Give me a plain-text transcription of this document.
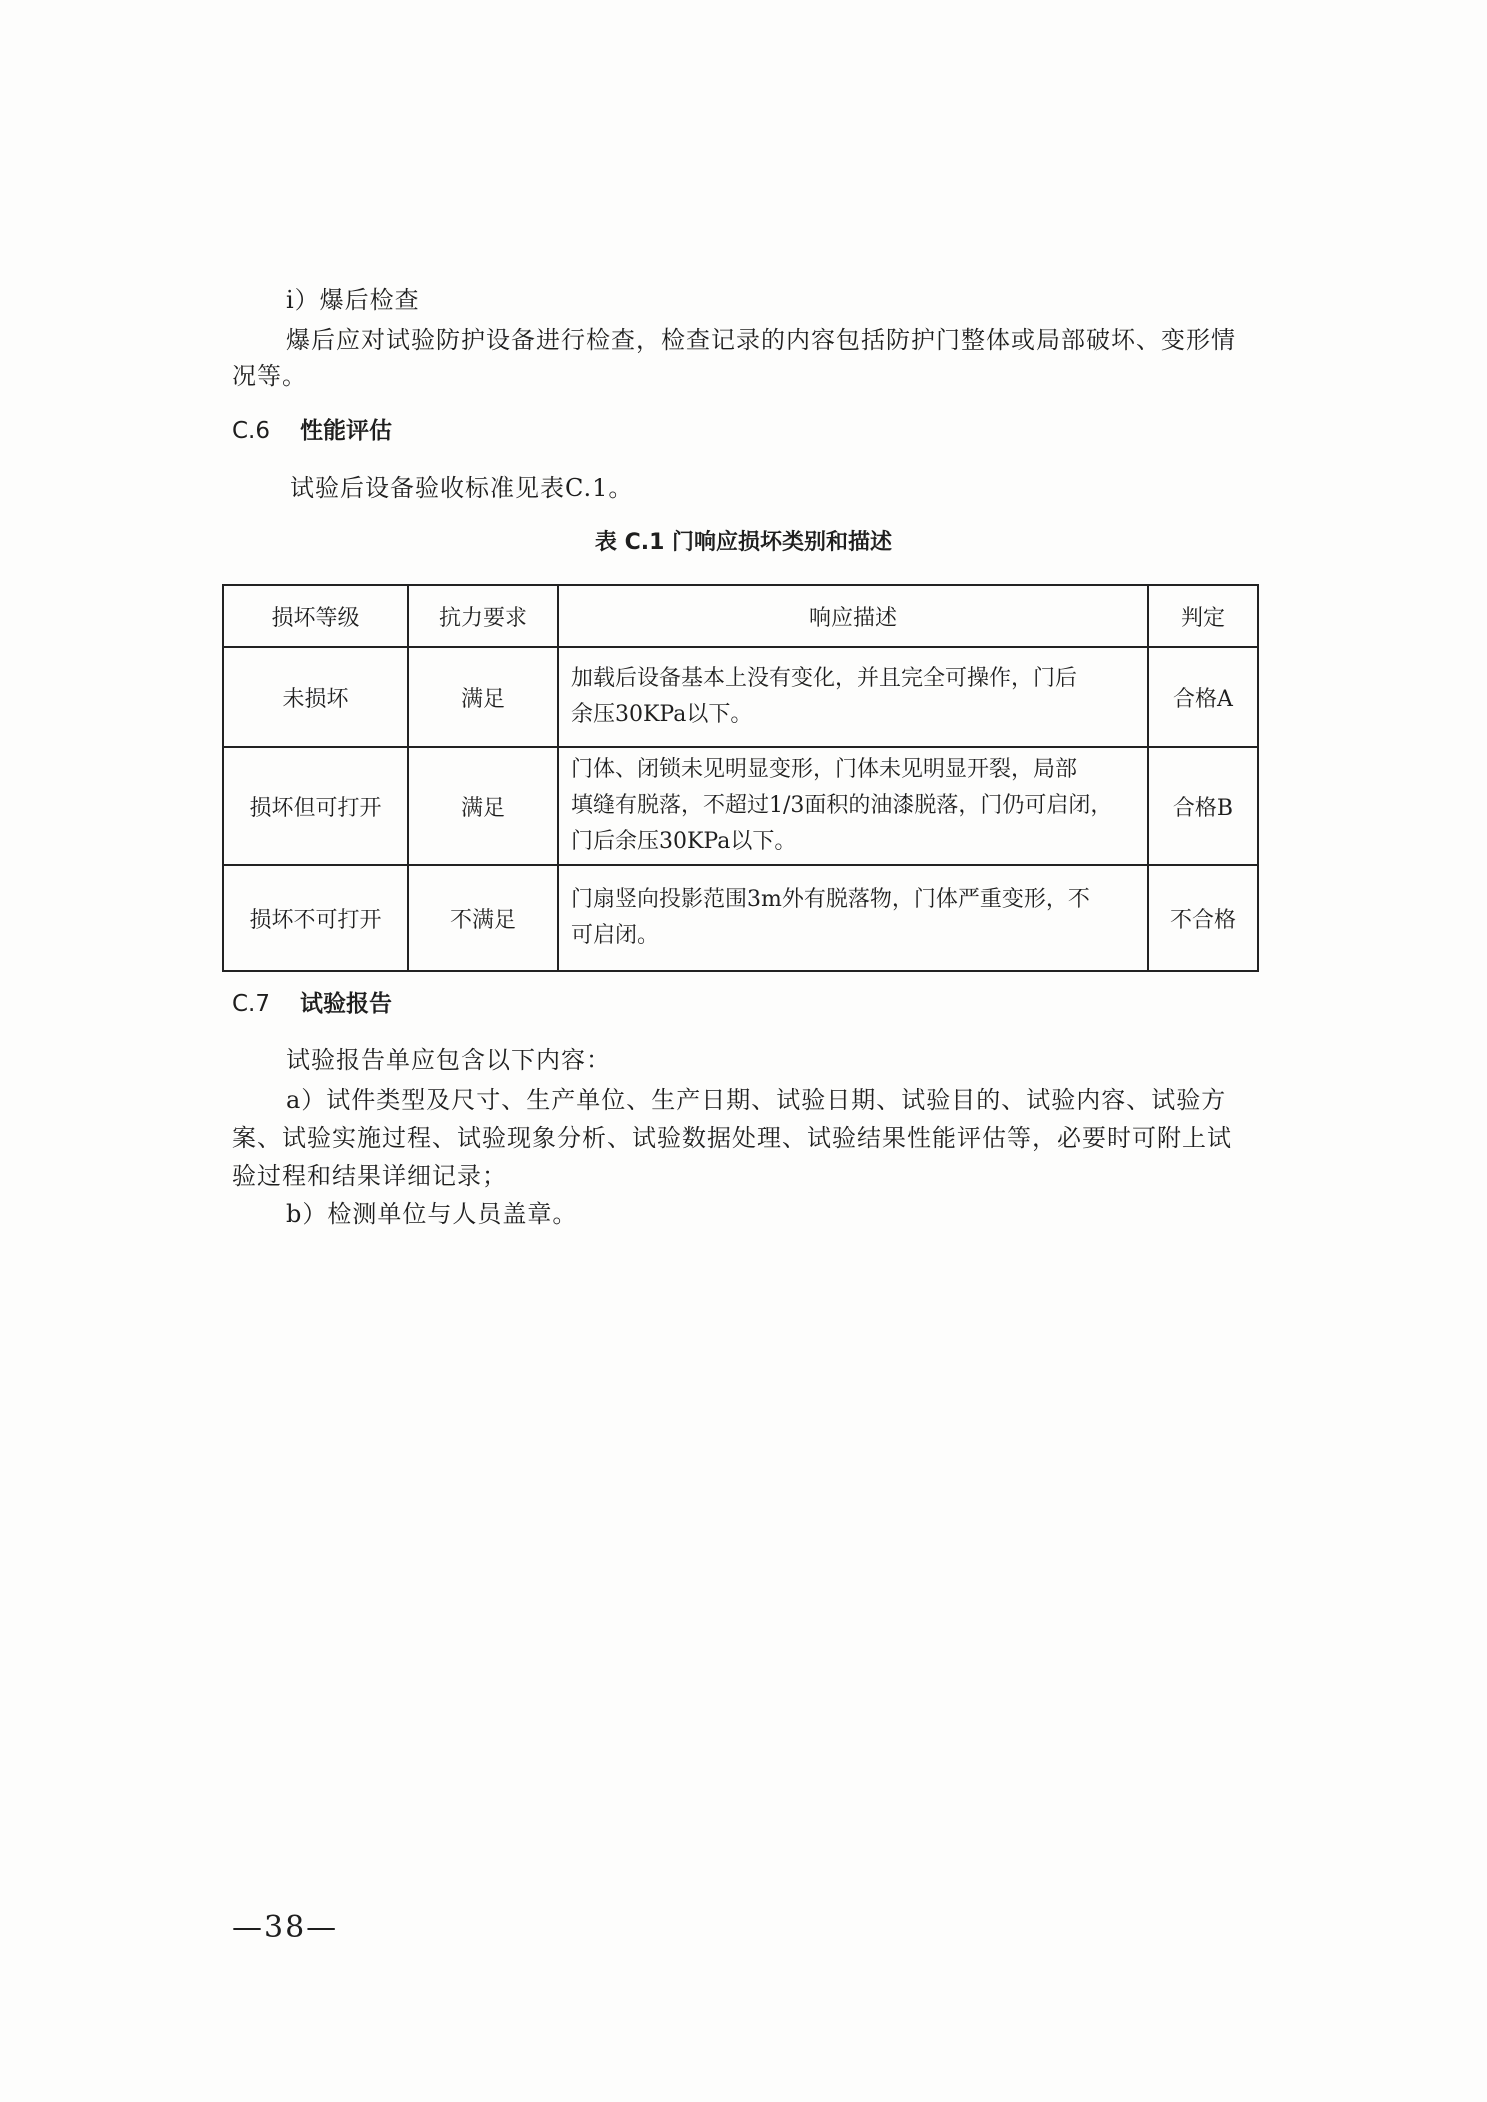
i）爆后检查
爆后应对试验防护设备进行检查，检查记录的内容包括防护门整体或局部破坏、变形情
况等。
C.6 性能评估
试验后设备验收标准见表C.1。
表 C.1 门响应损坏类别和描述
损坏等级	抗力要求	响应描述	判定
未损坏	满足	加载后设备基本上没有变化，并且完全可操作，门后
余压30KPa以下。	合格A
损坏但可打开	满足	门体、闭锁未见明显变形，门体未见明显开裂，局部
填缝有脱落，不超过1/3面积的油漆脱落，门仍可启闭，
门后余压30KPa以下。	合格B
损坏不可打开	不满足	门扇竖向投影范围3m外有脱落物，门体严重变形，不
可启闭。	不合格
C.7 试验报告
试验报告单应包含以下内容：
a）试件类型及尺寸、生产单位、生产日期、试验日期、试验目的、试验内容、试验方
案、试验实施过程、试验现象分析、试验数据处理、试验结果性能评估等，必要时可附上试
验过程和结果详细记录；
b）检测单位与人员盖章。
—38—
